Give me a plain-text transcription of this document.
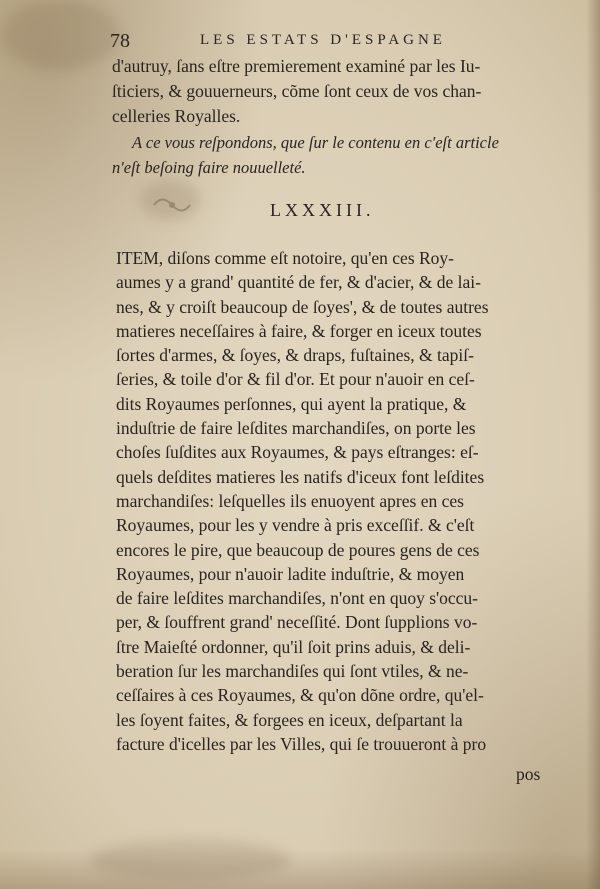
78	LES ESTATS D'ESPAGNE
d'autruy, ſans eſtre premierement examiné par les Iu-
ſticiers, & gouuerneurs, cõme ſont ceux de vos chan-
celleries Royalles.
A ce vous reſpondons, que ſur le contenu en c'eſt article
n'eſt beſoing faire nouuelleté.
LXXXIII.
ITEM, diſons comme eſt notoire, qu'en ces Roy-
aumes y a grand' quantité de fer, & d'acier, & de lai-
nes, & y croiſt beaucoup de ſoyes', & de toutes autres
matieres neceſſaires à faire, & forger en iceux toutes
ſortes d'armes, & ſoyes, & draps, fuſtaines, & tapiſ-
ſeries, & toile d'or & fil d'or. Et pour n'auoir en ceſ-
dits Royaumes perſonnes, qui ayent la pratique, &
induſtrie de faire leſdites marchandiſes, on porte les
choſes ſuſdites aux Royaumes, & pays eſtranges: eſ-
quels deſdites matieres les natifs d'iceux font leſdites
marchandiſes: leſquelles ils enuoyent apres en ces
Royaumes, pour les y vendre à pris exceſſif. & c'eſt
encores le pire, que beaucoup de poures gens de ces
Royaumes, pour n'auoir ladite induſtrie, & moyen
de faire leſdites marchandiſes, n'ont en quoy s'occu-
per, & ſouffrent grand' neceſſité. Dont ſupplions vo-
ſtre Maieſté ordonner, qu'il ſoit prins aduis, & deli-
beration ſur les marchandiſes qui ſont vtiles, & ne-
ceſſaires à ces Royaumes, & qu'on dõne ordre, qu'el-
les ſoyent faites, & forgees en iceux, deſpartant la
facture d'icelles par les Villes, qui ſe trouueront à pro
pos
